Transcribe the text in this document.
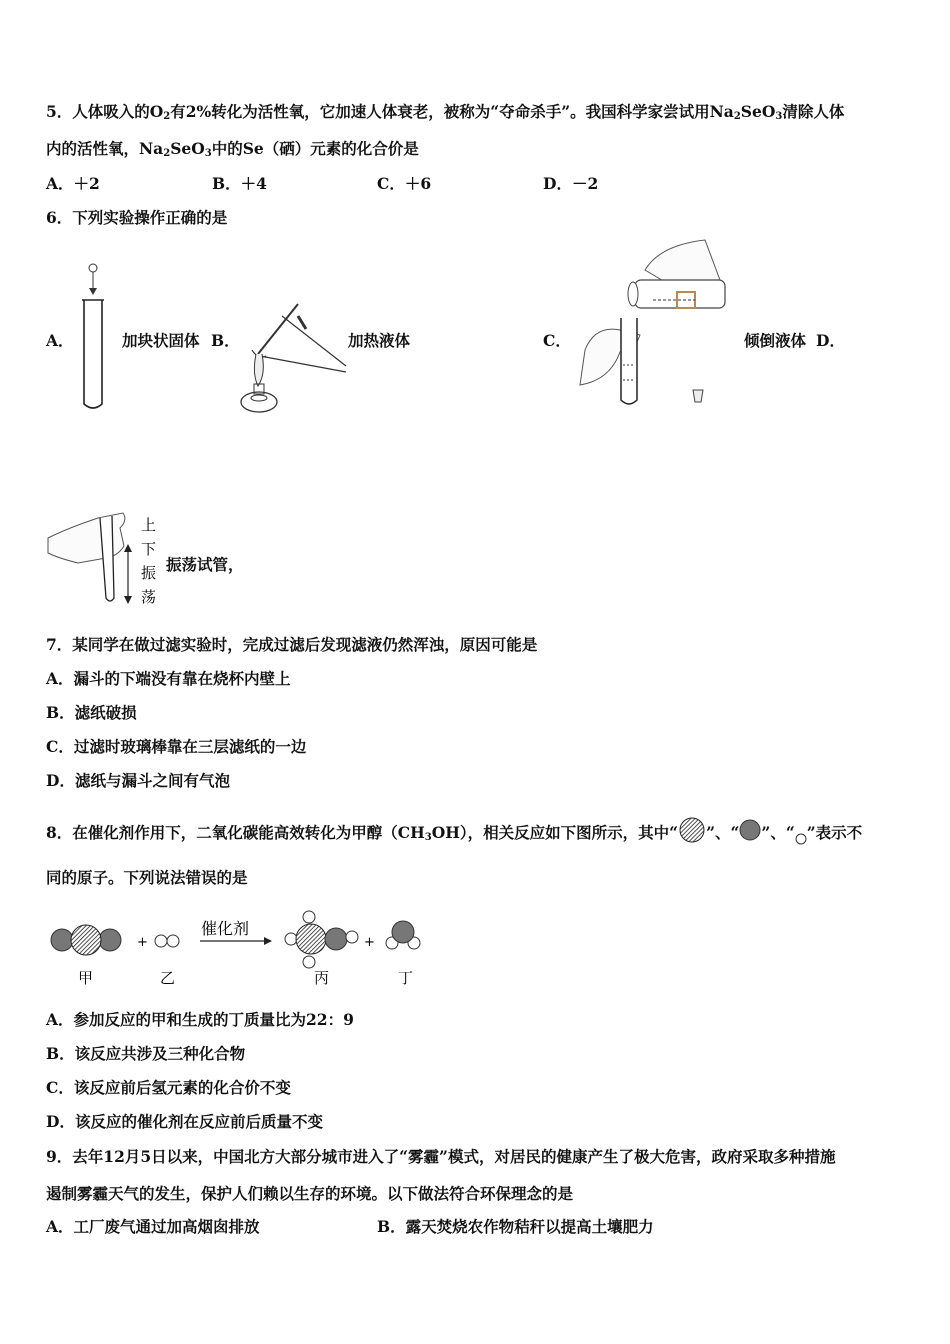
5．人体吸入的$O_2$有2%转化为活性氧，它加速人体衰老，被称为“夺命杀手”。我国科学家尝试用$Na_2SeO_3$清除人体
内的活性氧，$Na_2SeO_3$中的Se（硒）元素的化合价是
A．＋2	B．＋4	C．＋6	D．－2
6．下列实验操作正确的是
A．	加块状固体 B．	加热液体	C．	倾倒液体 D．
上
下
振
荡
振荡试管，
7．某同学在做过滤实验时，完成过滤后发现滤液仍然浑浊，原因可能是
A．漏斗的下端没有靠在烧杯内壁上
B．滤纸破损
C．过滤时玻璃棒靠在三层滤纸的一边
D．滤纸与漏斗之间有气泡
8．在催化剂作用下，二氧化碳能高效转化为甲醇$(CH_3OH)$，相关反应如下图所示，其中“ ”、“ ”、“ ”表示不
同的原子。下列说法错误的是
+
催化剂
+
甲	乙	丙	丁
A．参加反应的甲和生成的丁质量比为22：9
B．该反应共涉及三种化合物
C．该反应前后氢元素的化合价不变
D．该反应的催化剂在反应前后质量不变
9．去年12月5日以来，中国北方大部分城市进入了“雾霾”模式，对居民的健康产生了极大危害，政府采取多种措施
遏制雾霾天气的发生，保护人们赖以生存的环境。以下做法符合环保理念的是
A．工厂废气通过加高烟囱排放	B．露天焚烧农作物秸秆以提高土壤肥力
